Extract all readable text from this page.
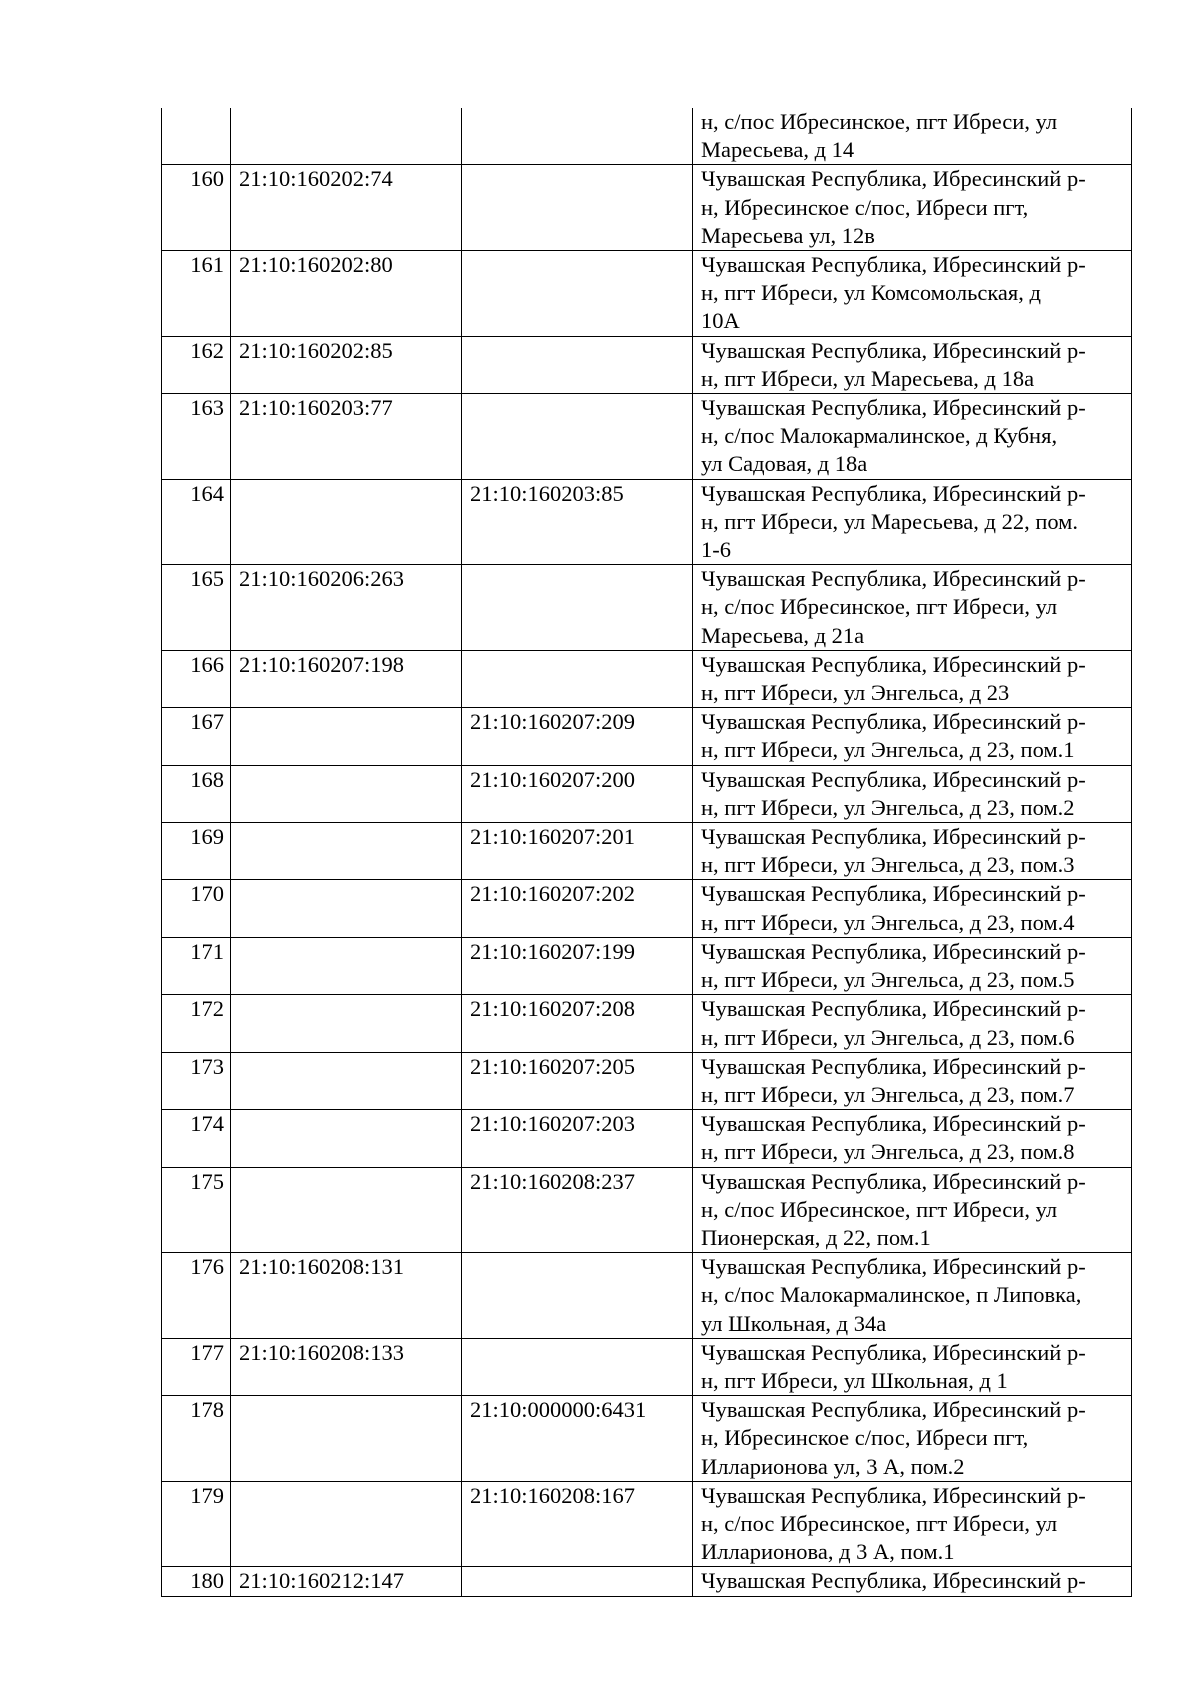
			н, с/пос Ибресинское, пгт Ибреси, ул
Маресьева, д 14
160	21:10:160202:74		Чувашская Республика, Ибресинский р-
н, Ибресинское с/пос, Ибреси пгт,
Маресьева ул, 12в
161	21:10:160202:80		Чувашская Республика, Ибресинский р-
н, пгт Ибреси, ул Комсомольская, д
10А
162	21:10:160202:85		Чувашская Республика, Ибресинский р-
н, пгт Ибреси, ул Маресьева, д 18а
163	21:10:160203:77		Чувашская Республика, Ибресинский р-
н, с/пос Малокармалинское, д Кубня,
ул Садовая, д 18а
164		21:10:160203:85	Чувашская Республика, Ибресинский р-
н, пгт Ибреси, ул Маресьева, д 22, пом.
1-6
165	21:10:160206:263		Чувашская Республика, Ибресинский р-
н, с/пос Ибресинское, пгт Ибреси, ул
Маресьева, д 21а
166	21:10:160207:198		Чувашская Республика, Ибресинский р-
н, пгт Ибреси, ул Энгельса, д 23
167		21:10:160207:209	Чувашская Республика, Ибресинский р-
н, пгт Ибреси, ул Энгельса, д 23, пом.1
168		21:10:160207:200	Чувашская Республика, Ибресинский р-
н, пгт Ибреси, ул Энгельса, д 23, пом.2
169		21:10:160207:201	Чувашская Республика, Ибресинский р-
н, пгт Ибреси, ул Энгельса, д 23, пом.3
170		21:10:160207:202	Чувашская Республика, Ибресинский р-
н, пгт Ибреси, ул Энгельса, д 23, пом.4
171		21:10:160207:199	Чувашская Республика, Ибресинский р-
н, пгт Ибреси, ул Энгельса, д 23, пом.5
172		21:10:160207:208	Чувашская Республика, Ибресинский р-
н, пгт Ибреси, ул Энгельса, д 23, пом.6
173		21:10:160207:205	Чувашская Республика, Ибресинский р-
н, пгт Ибреси, ул Энгельса, д 23, пом.7
174		21:10:160207:203	Чувашская Республика, Ибресинский р-
н, пгт Ибреси, ул Энгельса, д 23, пом.8
175		21:10:160208:237	Чувашская Республика, Ибресинский р-
н, с/пос Ибресинское, пгт Ибреси, ул
Пионерская, д 22, пом.1
176	21:10:160208:131		Чувашская Республика, Ибресинский р-
н, с/пос Малокармалинское, п Липовка,
ул Школьная, д 34а
177	21:10:160208:133		Чувашская Республика, Ибресинский р-
н, пгт Ибреси, ул Школьная, д 1
178		21:10:000000:6431	Чувашская Республика, Ибресинский р-
н, Ибресинское с/пос, Ибреси пгт,
Илларионова ул, 3 А, пом.2
179		21:10:160208:167	Чувашская Республика, Ибресинский р-
н, с/пос Ибресинское, пгт Ибреси, ул
Илларионова, д 3 А, пом.1
180	21:10:160212:147		Чувашская Республика, Ибресинский р-
